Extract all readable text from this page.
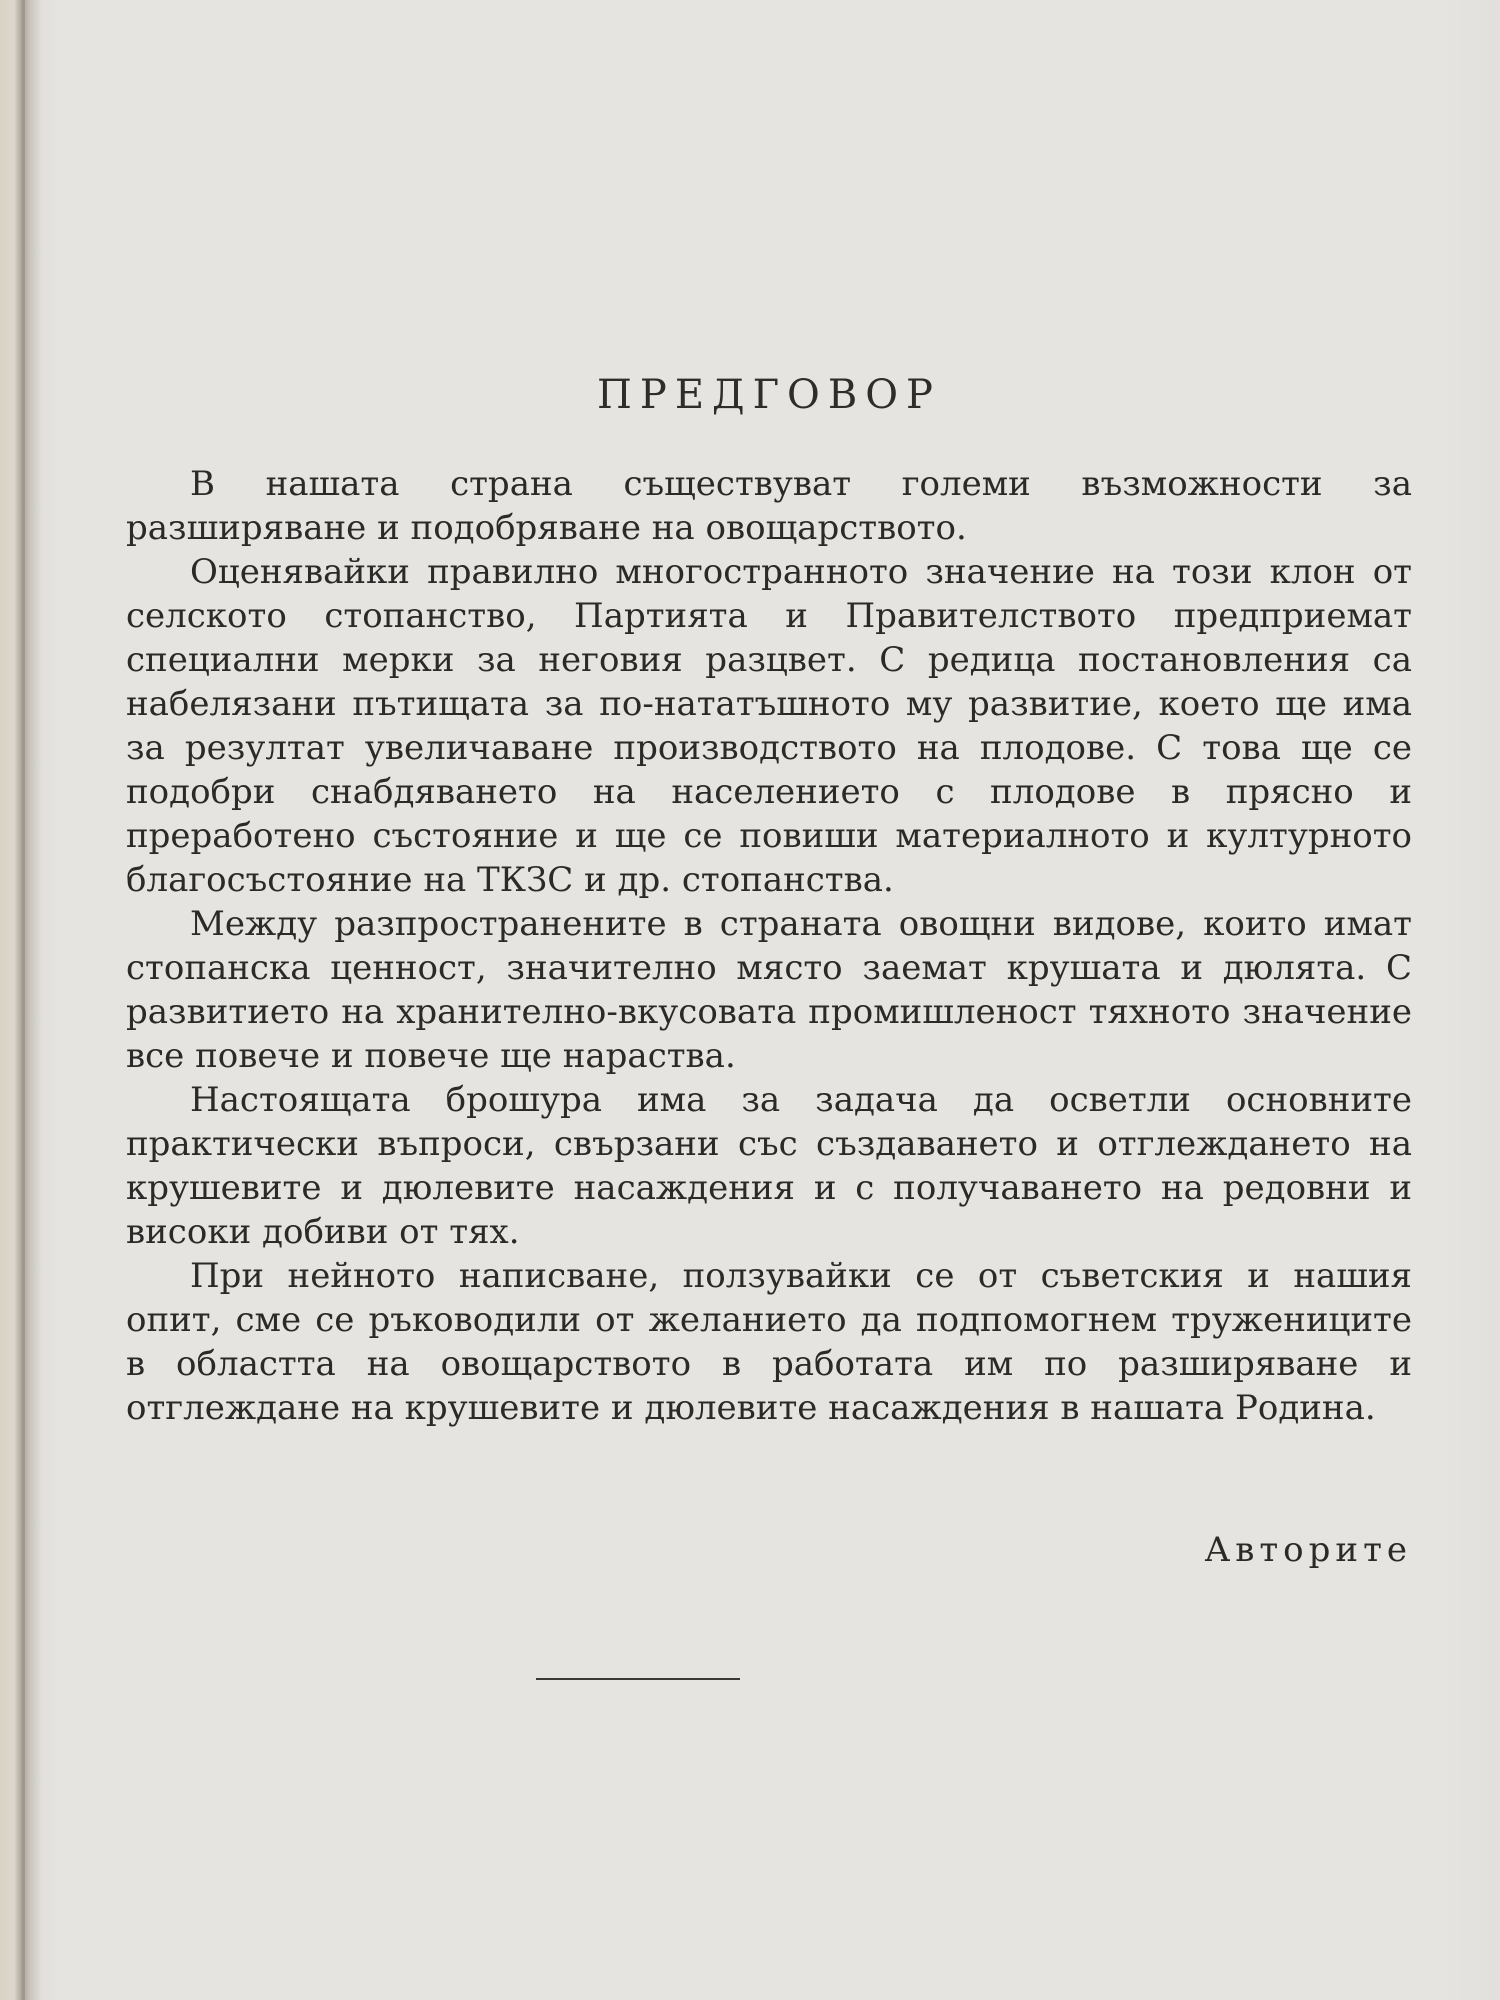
ПРЕДГОВОР

В нашата страна съществуват големи възможности за разширяване и подобряване на овощарството.

Оценявайки правилно многостранното значение на този клон от селското стопанство, Партията и Правителството предприемат специални мерки за неговия разцвет. С редица постановления са набелязани пътищата за по-нататъшното му развитие, което ще има за резултат увеличаване производството на плодове. С това ще се подобри снабдяването на населението с плодове в прясно и преработено състояние и ще се повиши материалното и културното благосъстояние на ТКЗС и др. стопанства.

Между разпространените в страната овощни видове, които имат стопанска ценност, значително място заемат крушата и дюлята. С развитието на хранително-вкусовата промишленост тяхното значение все повече и повече ще нараства.

Настоящата брошура има за задача да осветли основните практически въпроси, свързани със създаването и отглеждането на крушевите и дюлевите насаждения и с получаването на редовни и високи добиви от тях.

При нейното написване, ползувайки се от съветския и нашия опит, сме се ръководили от желанието да подпомогнем тружениците в областта на овощарството в работата им по разширяване и отглеждане на крушевите и дюлевите насаждения в нашата Родина.

Авторите
